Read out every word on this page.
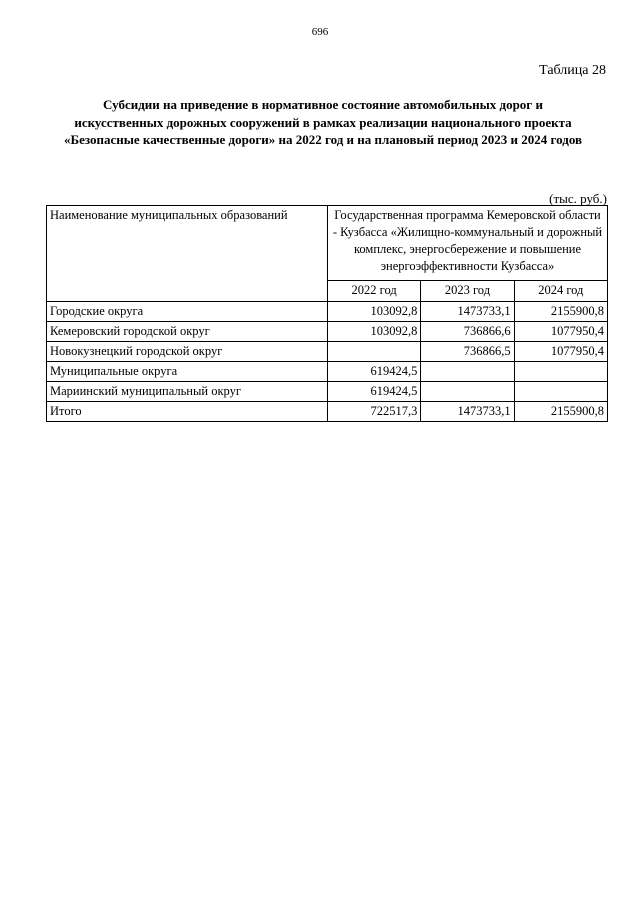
696
Таблица 28
Субсидии на приведение в нормативное состояние автомобильных дорог и искусственных дорожных сооружений в рамках реализации национального проекта «Безопасные качественные дороги» на 2022 год и на плановый период 2023 и 2024 годов
(тыс. руб.)
Наименование муниципальных образований	Государственная программа Кемеровской области - Кузбасса «Жилищно-коммунальный и дорожный комплекс, энергосбережение и повышение энергоэффективности Кузбасса»		
	2022 год	2023 год	2024 год
Городские округа	103092,8	1473733,1	2155900,8
Кемеровский городской округ	103092,8	736866,6	1077950,4
Новокузнецкий городской округ		736866,5	1077950,4
Муниципальные округа	619424,5		
Мариинский муниципальный округ	619424,5		
Итого	722517,3	1473733,1	2155900,8
